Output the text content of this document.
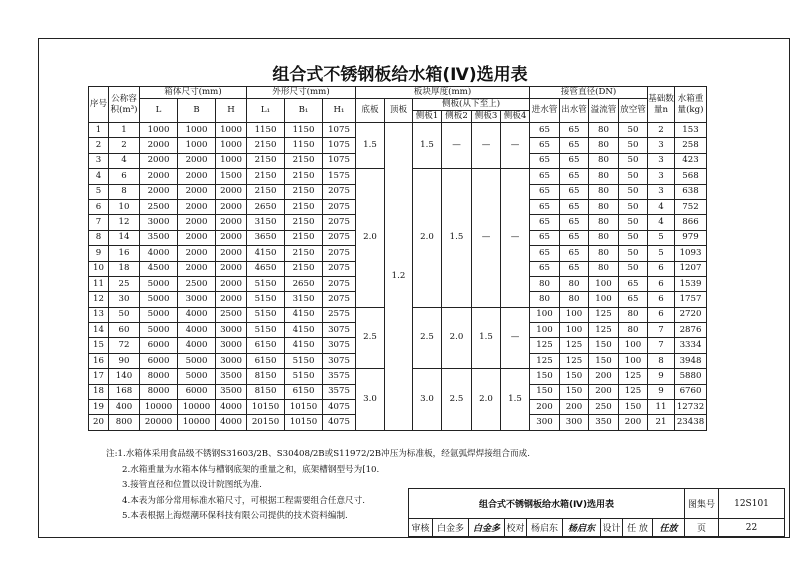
组合式不锈钢板给水箱(Ⅳ)选用表
序号	公称容积(m³)	箱体尺寸(mm)			外形尺寸(mm)			板块厚度(mm)						接管直径(DN)				基础数量n	水箱重量(kg)
		L	B	H	L₁	B₁	H₁	底板	顶板	侧板(从下至上)				进水管	出水管	溢流管	放空管		
										侧板1	侧板2	侧板3	侧板4						
1	1	1000	1000	1000	1150	1150	1075	1.5	1.2	1.5	—	—	—	65	65	80	50	2	153
2	2	2000	1000	1000	2150	1150	1075							65	65	80	50	3	258
3	4	2000	2000	1000	2150	2150	1075							65	65	80	50	3	423
4	6	2000	2000	1500	2150	2150	1575	2.0		2.0	1.5	—	—	65	65	80	50	3	568
5	8	2000	2000	2000	2150	2150	2075							65	65	80	50	3	638
6	10	2500	2000	2000	2650	2150	2075							65	65	80	50	4	752
7	12	3000	2000	2000	3150	2150	2075							65	65	80	50	4	866
8	14	3500	2000	2000	3650	2150	2075							65	65	80	50	5	979
9	16	4000	2000	2000	4150	2150	2075							65	65	80	50	5	1093
10	18	4500	2000	2000	4650	2150	2075							65	65	80	50	6	1207
11	25	5000	2500	2000	5150	2650	2075							80	80	100	65	6	1539
12	30	5000	3000	2000	5150	3150	2075							80	80	100	65	6	1757
13	50	5000	4000	2500	5150	4150	2575	2.5		2.5	2.0	1.5	—	100	100	125	80	6	2720
14	60	5000	4000	3000	5150	4150	3075							100	100	125	80	7	2876
15	72	6000	4000	3000	6150	4150	3075							125	125	150	100	7	3334
16	90	6000	5000	3000	6150	5150	3075							125	125	150	100	8	3948
17	140	8000	5000	3500	8150	5150	3575	3.0		3.0	2.5	2.0	1.5	150	150	200	125	9	5880
18	168	8000	6000	3500	8150	6150	3575							150	150	200	125	9	6760
19	400	10000	10000	4000	10150	10150	4075							200	200	250	150	11	12732
20	800	20000	10000	4000	20150	10150	4075							300	300	350	200	21	23438
注:1.水箱体采用食品级不锈钢S31603/2B、S30408/2B或S11972/2B冲压为标准板，经氩弧焊焊接组合而成.
2.水箱重量为水箱本体与槽钢底架的重量之和，底架槽钢型号为[10.
3.接管直径和位置以设计院图纸为准.
4.本表为部分常用标准水箱尺寸，可根据工程需要组合任意尺寸.
5.本表根据上海煜潮环保科技有限公司提供的技术资料编制.
组合式不锈钢板给水箱(Ⅳ)选用表									图集号	12S101
审核	白金多	白金多	校对	杨启东	杨启东	设计	任 放	任放	页	22
